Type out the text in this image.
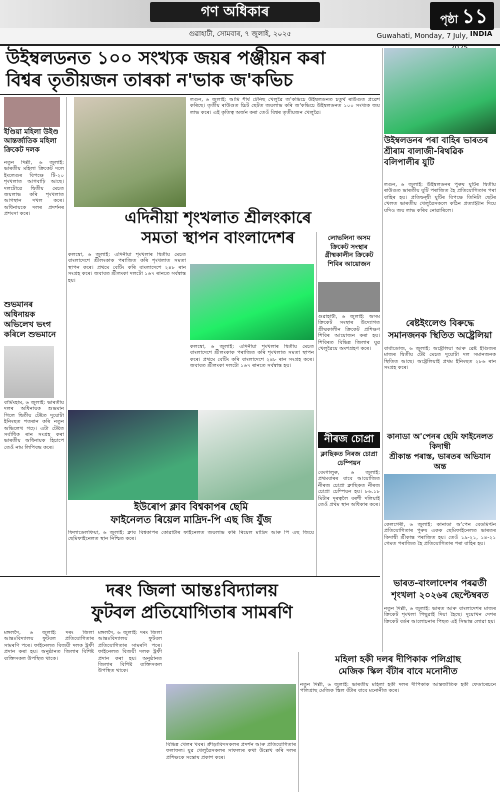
গণ অধিকাৰ
গুৱাহাটী, সোমবাৰ, ৭ জুলাই, ২০২৫
পৃষ্ঠা ১১
INDIA
Guwahati, Monday, 7 July,
উইম্বলডনত ১০০ সংখ্যক জয়ৰ পঞ্জীয়ন কৰা
বিশ্বৰ তৃতীয়জন তাৰকা ন'ভাক জ'কভিচ
ইণ্ডিয়া মহিলা উইণ্ড আন্তৰ্জাতিক মহিলা ক্ৰিকেট দলক
নতুন দিল্লী, ৬ জুলাই: ভাৰতীয় মহিলা ক্ৰিকেট দলে ইংলেণ্ডৰ বিপক্ষে টি-২০ শৃংখলাত আগবাঢ়ি আছে। দলটোৱে দ্বিতীয় মেচত জয়লাভ কৰি শৃংখলাত আগস্থান দখল কৰে। অধিনায়কে দলৰ প্ৰদৰ্শনৰ প্ৰশংসা কৰে।
লণ্ডন, ৬ জুলাই: আমি শীৰ্ষ টেনিছ খেলুৱৈ জ'কভিচে উইম্বলডনত চতুৰ্থ ৰাউণ্ডত প্ৰৱেশ কৰিছে। তৃতীয় ৰাউণ্ডত চ্চিট ছেটত জয়লাভ কৰি জ'কভিচে উইম্বলডনত ১০০ সংখ্যক জয় লাভ কৰে। এই কৃতিত্ব অৰ্জন কৰা তেওঁ বিশ্বৰ তৃতীয়জন খেলুৱৈ।
উইম্বলডনৰ পৰা বাহিৰ ভাৰতৰ শ্ৰীৰাম বালাজী-ৰিথৱিক বলিপালীৰ যুটি
লণ্ডন, ৬ জুলাই: উইম্বলডনৰ পুৰুষ যুটিৰ দ্বিতীয় ৰাউণ্ডত ভাৰতীয় যুটি পৰাজিত হৈ প্ৰতিযোগিতাৰ পৰা বাহিৰ হয়। প্ৰতিদ্বন্দ্বী যুটিৰ বিপক্ষে তিনিটা ছেটৰ খেলত ভাৰতীয় খেলুৱৈসকলে কঠিন প্ৰত্যাহ্বান দিয়ে যদিও জয় লাভ কৰিব নোৱাৰিলে।
এদিনীয়া শৃংখলাত শ্ৰীলংকাৰে
সমতা স্থাপন বাংলাদেশৰ
কলম্বো, ৬ জুলাই: এদিনীয়া শৃংখলাৰ দ্বিতীয় মেচত বাংলাদেশে শ্ৰীলংকাক পৰাজিত কৰি শৃংখলাত সমতা স্থাপন কৰে। প্ৰথমে বেটিং কৰি বাংলাদেশে ২৪৮ ৰান সংগ্ৰহ কৰে। জবাবত শ্ৰীলংকা দলটো ১৬৭ ৰানতে সৰ্বস্বান্ত হয়।
কলম্বো, ৬ জুলাই: এদিনীয়া শৃংখলাৰ দ্বিতীয় মেচত বাংলাদেশে শ্ৰীলংকাক পৰাজিত কৰি শৃংখলাত সমতা স্থাপন কৰে। প্ৰথমে বেটিং কৰি বাংলাদেশে ২৪৮ ৰান সংগ্ৰহ কৰে। জবাবত শ্ৰীলংকা দলটো ১৬৭ ৰানতে সৰ্বস্বান্ত হয়।
লোভলিনা অসম ক্ৰিকেট সংস্থাৰ গ্ৰীষ্মকালীন ক্ৰিকেট শিবিৰ আয়োজন
গুৱাহাটী, ৬ জুলাই: অসম ক্ৰিকেট সংস্থাৰ উদ্যোগত গ্ৰীষ্মকালীন ক্ৰিকেট প্ৰশিক্ষণ শিবিৰ আয়োজন কৰা হয়। শিবিৰত বিভিন্ন জিলাৰ যুৱ খেলুৱৈয়ে অংশগ্ৰহণ কৰে।
শুভমানৰ অধিনায়ক অভিলেখ ভংগ কৰিলে শুভমানে
বাৰ্মিংহাম, ৬ জুলাই: ভাৰতীয় দলৰ অধিনায়ক শুভমান গিলে দ্বিতীয় টেষ্টত দুয়োটা ইনিংছত শতৰান কৰি নতুন অভিলেখ গঢ়ে। এটা টেষ্টত সৰ্বাধিক ৰান সংগ্ৰহ কৰা ভাৰতীয় অধিনায়ক হিচাপে তেওঁ নাম লিপিবদ্ধ কৰে।
ইউৰোপ ক্লাব বিশ্বকাপৰ ছেমি
ফাইনেলত ৰিয়েল মাদ্ৰিদ-পি এছ জি যুঁজ
ফিলাডেলফিয়া, ৬ জুলাই: ক্লাব বিশ্বকাপৰ কোৱাৰ্টাৰ ফাইনেলত জয়লাভ কৰি ৰিয়েল মাদ্ৰিদ আৰু পি এছ জিয়ে ছেমিফাইনেলত স্থান নিশ্চিত কৰে।
নীৰজ চোপ্ৰা
ক্লাছিকত নিৰজ চোপ্ৰা চেম্পিয়ন
বেংগালুৰু, ৬ জুলাই: প্ৰথমবাৰৰ বাবে আয়োজিত নীৰজ চোপ্ৰা ক্লাছিকত নীৰজ চোপ্ৰা চেম্পিয়ন হয়। ৮৬.১৮ মিটাৰ দূৰত্বলৈ বৰশী দলিয়াই তেওঁ প্ৰথম স্থান অধিকাৰ কৰে।
ৰেষ্টইংলেণ্ড বিৰুদ্ধে
সমানজনক স্থিতিত অষ্ট্ৰেলিয়া
বাৰ্বাডোজ, ৬ জুলাই: অষ্ট্ৰেলিয়া আৰু ৱেষ্ট ইণ্ডিজৰ মাজৰ দ্বিতীয় টেষ্ট মেচত দুয়োটা দল সমানজনক স্থিতিত আছে। অষ্ট্ৰেলিয়াই প্ৰথম ইনিংছত ২৮৬ ৰান সংগ্ৰহ কৰে।
কানাডা অ'পেনৰ ছেমি ফাইনেলত কিদাম্বী
শ্ৰীকান্ত পৰাস্ত, ভাৰতৰ অভিযান অন্ত
কেলগেৰী, ৬ জুলাই: কানাডা অ'পেন বেডমিণ্টন প্ৰতিযোগিতাৰ পুৰুষ একক ছেমিফাইনেলত ভাৰতৰ কিদাম্বী শ্ৰীকান্ত পৰাজিত হয়। তেওঁ ১৯-২১, ১৪-২১ গেমত পৰাজিত হৈ প্ৰতিযোগিতাৰ পৰা বাহিৰ হয়।
ভাৰত-বাংলাদেশৰ পৰৱৰ্তী
শৃংখলা ২০২৬ৰ ছেপ্টেম্বৰত
নতুন দিল্লী, ৬ জুলাই: ভাৰত আৰু বাংলাদেশৰ মাজৰ ক্ৰিকেট শৃংখলা পিছুৱাই দিয়া হৈছে। দুয়োখন দেশৰ ক্ৰিকেট বৰ্ডৰ আলোচনাৰ পিছত এই সিদ্ধান্ত লোৱা হয়।
দৰং জিলা আন্তঃবিদ্যালয়
ফুটবল প্ৰতিযোগিতাৰ সামৰণি
মঙ্গলদৈ, ৬ জুলাই: দৰং জিলা আন্তঃবিদ্যালয় ফুটবল প্ৰতিযোগিতাৰ সামৰণি পৰে। ফাইনেলত বিজয়ী দলক ট্ৰফী প্ৰদান কৰা হয়। অনুষ্ঠানত জিলাৰ বিশিষ্ট ব্যক্তিসকল উপস্থিত থাকে।
মঙ্গলদৈ, ৬ জুলাই: দৰং জিলা আন্তঃবিদ্যালয় ফুটবল প্ৰতিযোগিতাৰ সামৰণি পৰে। ফাইনেলত বিজয়ী দলক ট্ৰফী প্ৰদান কৰা হয়। অনুষ্ঠানত জিলাৰ বিশিষ্ট ব্যক্তিসকল উপস্থিত থাকে।
বিভিন্ন খেলৰ খবৰ। ক্ৰীড়াবিদসকলৰ প্ৰদৰ্শন আৰু প্ৰতিযোগিতাৰ ফলাফল। যুৱ খেলুৱৈসকলৰ সাফল্যৰ কথা উল্লেখ কৰি দলৰ প্ৰশিক্ষকে সন্তোষ প্ৰকাশ কৰে।
মহিলা হকী দলৰ দীপিকাক পলিগ্ৰাছ
মেজিক স্কিল বঁটাৰ বাবে মনোনীত
নতুন দিল্লী, ৬ জুলাই: ভাৰতীয় মহিলা হকী দলৰ দীপিকাক আন্তৰ্জাতিক হকী ফেডাৰেচনে পলিগ্ৰাছ মেজিক স্কিল বঁটাৰ বাবে মনোনীত কৰে।
